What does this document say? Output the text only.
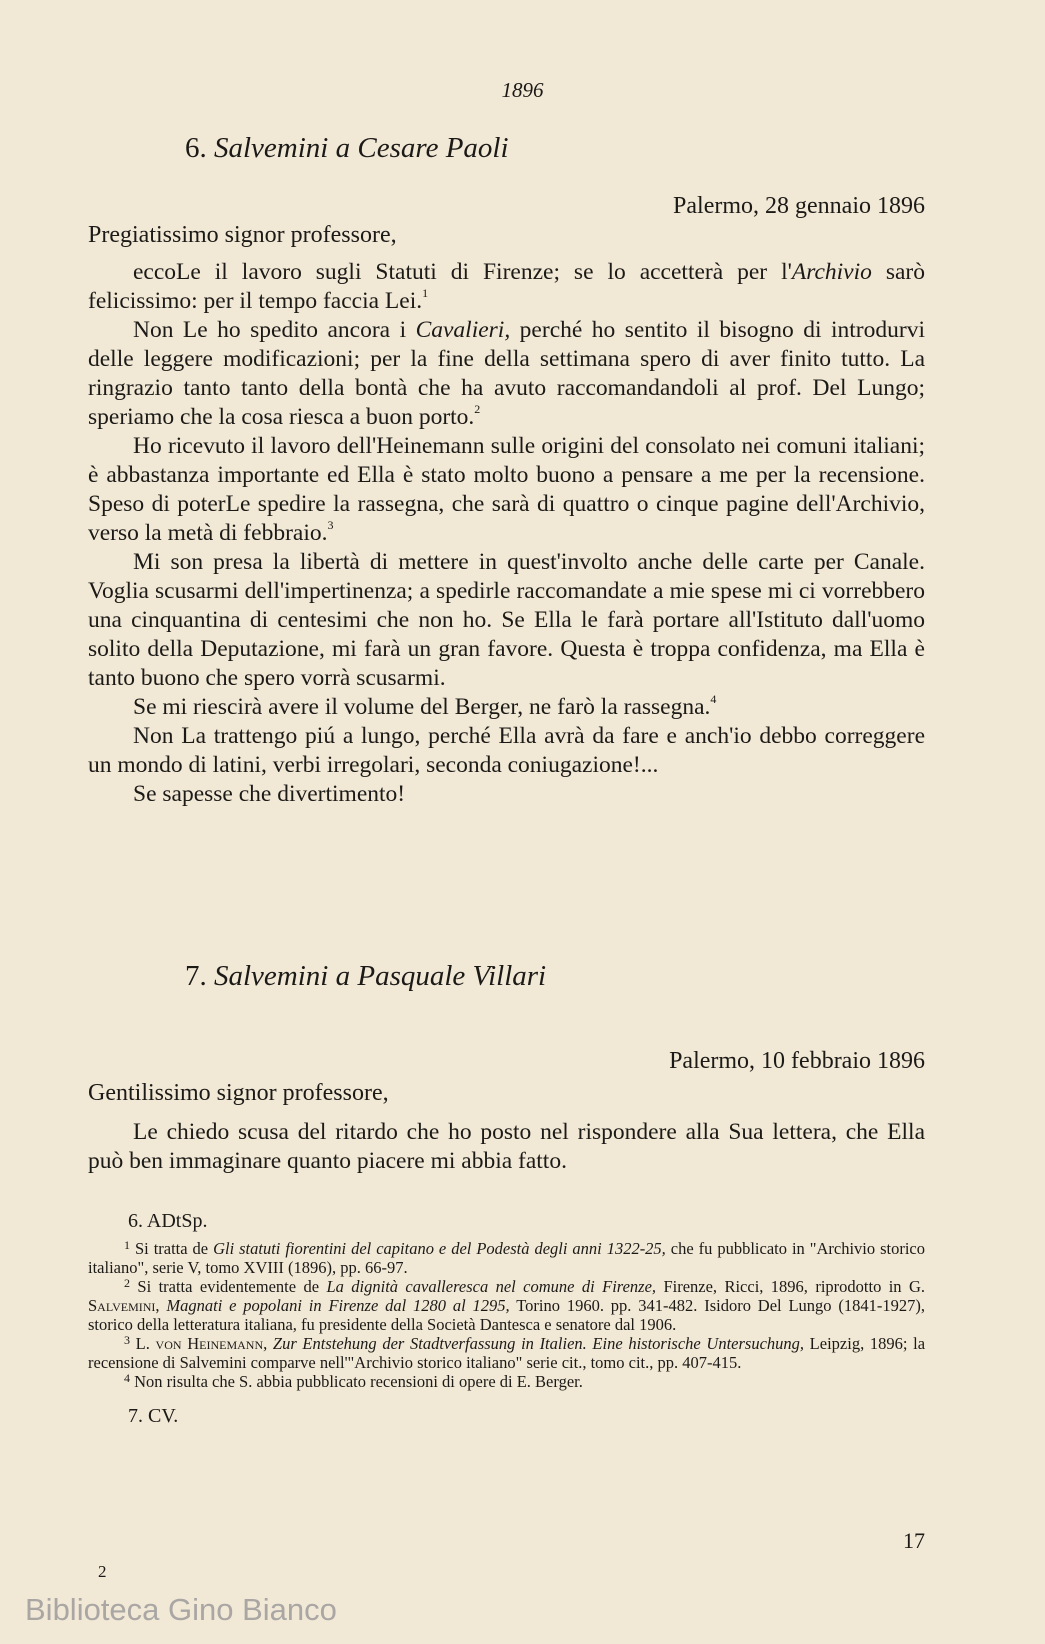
1896
6. Salvemini a Cesare Paoli
Palermo, 28 gennaio 1896
Pregiatissimo signor professore,

eccoLe il lavoro sugli Statuti di Firenze; se lo accetterà per l'Archivio sarò felicissimo: per il tempo faccia Lei.$^1$

Non Le ho spedito ancora i Cavalieri, perché ho sentito il bisogno di introdurvi delle leggere modificazioni; per la fine della settimana spero di aver finito tutto. La ringrazio tanto tanto della bontà che ha avuto raccomandandoli al prof. Del Lungo; speriamo che la cosa riesca a buon porto.$^2$

Ho ricevuto il lavoro dell'Heinemann sulle origini del consolato nei comuni italiani; è abbastanza importante ed Ella è stato molto buono a pensare a me per la recensione. Speso di poterLe spedire la rassegna, che sarà di quattro o cinque pagine dell'Archivio, verso la metà di febbraio.$^3$

Mi son presa la libertà di mettere in quest'involto anche delle carte per Canale. Voglia scusarmi dell'impertinenza; a spedirle raccomandate a mie spese mi ci vorrebbero una cinquantina di centesimi che non ho. Se Ella le farà portare all'Istituto dall'uomo solito della Deputazione, mi farà un gran favore. Questa è troppa confidenza, ma Ella è tanto buono che spero vorrà scusarmi.

Se mi riescirà avere il volume del Berger, ne farò la rassegna.$^4$

Non La trattengo piú a lungo, perché Ella avrà da fare e anch'io debbo correggere un mondo di latini, verbi irregolari, seconda coniugazione!...

Se sapesse che divertimento!

7. Salvemini a Pasquale Villari
Palermo, 10 febbraio 1896
Gentilissimo signor professore,

Le chiedo scusa del ritardo che ho posto nel rispondere alla Sua lettera, che Ella può ben immaginare quanto piacere mi abbia fatto.

6. ADtSp.

$^1$ Si tratta de Gli statuti fiorentini del capitano e del Podestà degli anni 1322-25, che fu pubblicato in "Archivio storico italiano", serie V, tomo XVIII (1896), pp. 66-97.

$^2$ Si tratta evidentemente de La dignità cavalleresca nel comune di Firenze, Firenze, Ricci, 1896, riprodotto in G. Salvemini, Magnati e popolani in Firenze dal 1280 al 1295, Torino 1960. pp. 341-482. Isidoro Del Lungo (1841-1927), storico della letteratura italiana, fu presidente della Società Dantesca e senatore dal 1906.

$^3$ L. von Heinemann, Zur Entstehung der Stadtverfassung in Italien. Eine historische Untersuchung, Leipzig, 1896; la recensione di Salvemini comparve nell'"Archivio storico italiano" serie cit., tomo cit., pp. 407-415.

$^4$ Non risulta che S. abbia pubblicato recensioni di opere di E. Berger.

7. CV.
17
2
Biblioteca Gino Bianco
